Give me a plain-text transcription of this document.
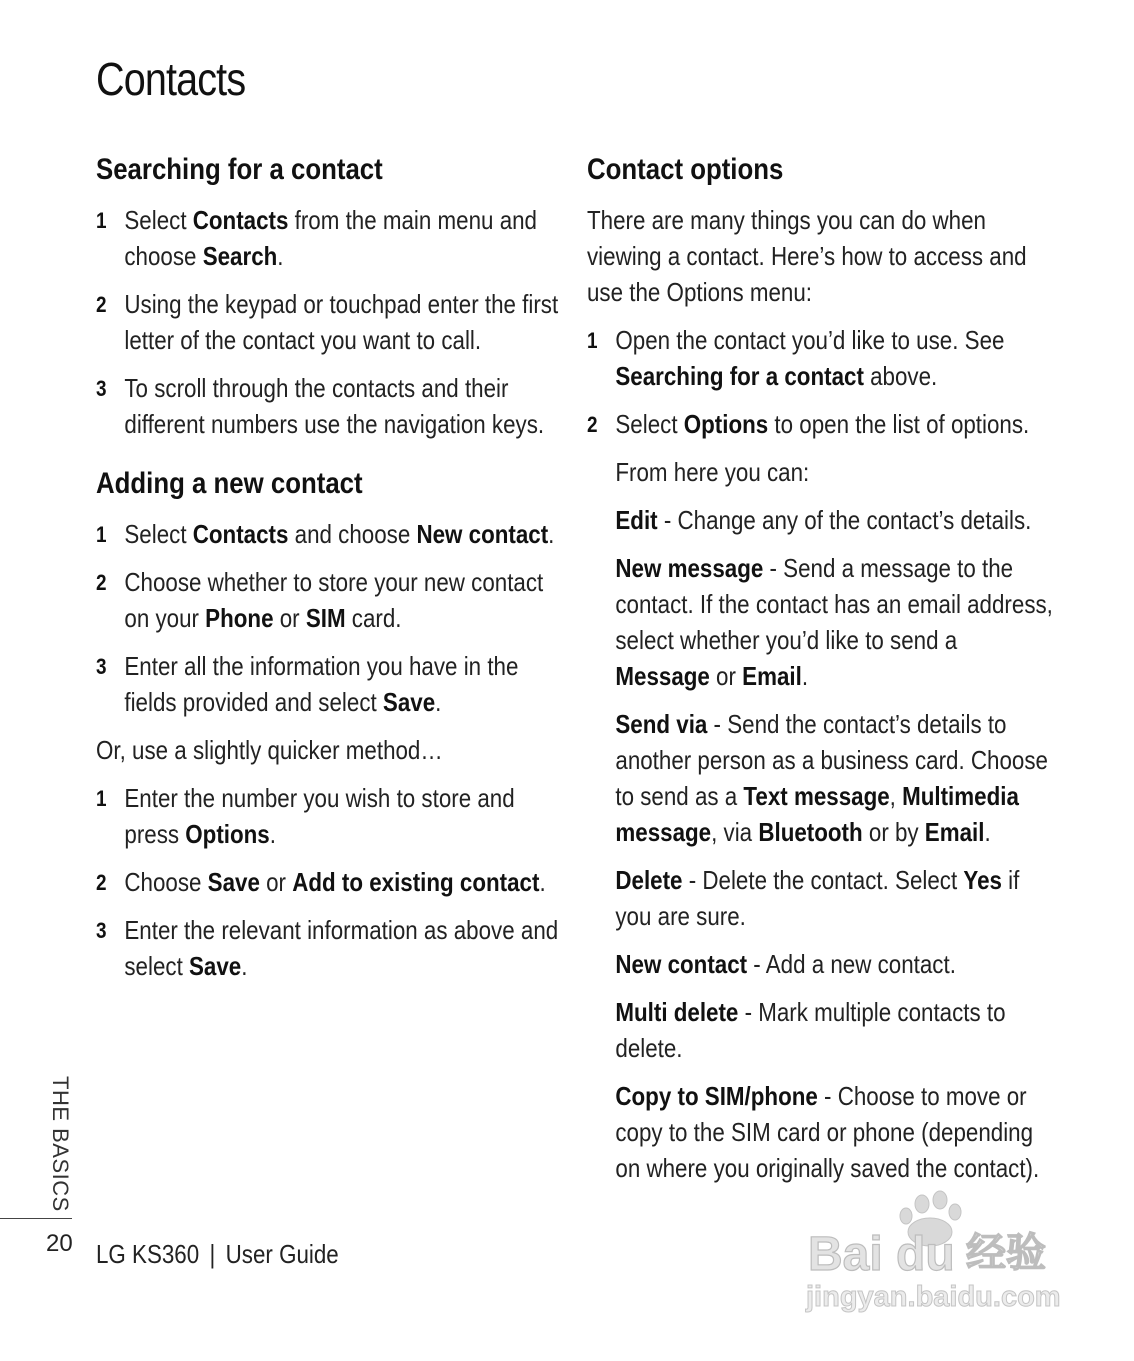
Contacts
Searching for a contact
1 Select Contacts from the main menu and choose Search.
2 Using the keypad or touchpad enter the first letter of the contact you want to call.
3 To scroll through the contacts and their different numbers use the navigation keys.
Adding a new contact
1 Select Contacts and choose New contact.
2 Choose whether to store your new contact on your Phone or SIM card.
3 Enter all the information you have in the fields provided and select Save.

Or, use a slightly quicker method…

1 Enter the number you wish to store and press Options.
2 Choose Save or Add to existing contact.
3 Enter the relevant information as above and select Save.
Contact options

There are many things you can do when viewing a contact. Here’s how to access and use the Options menu:

1 Open the contact you’d like to use. See Searching for a contact above.
2 Select Options to open the list of options.

From here you can:

Edit - Change any of the contact’s details.

New message - Send a message to the contact. If the contact has an email address, select whether you’d like to send a Message or Email.

Send via - Send the contact’s details to another person as a business card. Choose to send as a Text message, Multimedia message, via Bluetooth or by Email.

Delete - Delete the contact. Select Yes if you are sure.

New contact - Add a new contact.

Multi delete - Mark multiple contacts to delete.

Copy to SIM/phone - Choose to move or copy to the SIM card or phone (depending on where you originally saved the contact).

THE BASICS
20 LG KS360 | User Guide	Bai du 经验
jingyan.baidu.com
